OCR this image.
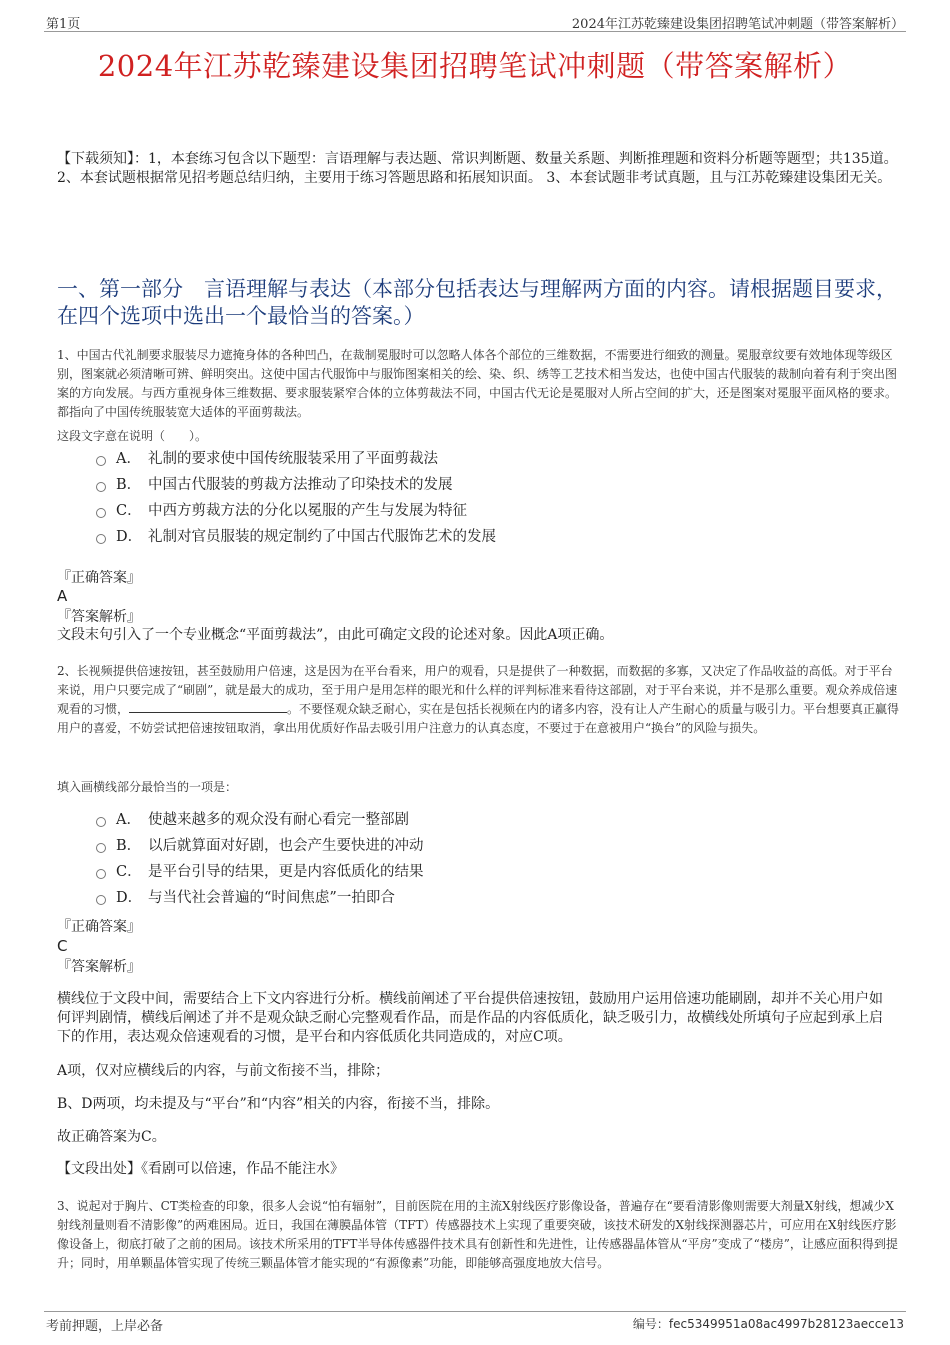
第1页	2024年江苏乾臻建设集团招聘笔试冲刺题（带答案解析）
2024年江苏乾臻建设集团招聘笔试冲刺题（带答案解析）
【下载须知】：1，本套练习包含以下题型：言语理解与表达题、常识判断题、数量关系题、判断推理题和资料分析题等题型；共135道。 2、本套试题根据常见招考题总结归纳，主要用于练习答题思路和拓展知识面。 3、本套试题非考试真题，且与江苏乾臻建设集团无关。
一、第一部分　言语理解与表达（本部分包括表达与理解两方面的内容。请根据题目要求，在四个选项中选出一个最恰当的答案。）
1、中国古代礼制要求服装尽力遮掩身体的各种凹凸，在裁制冕服时可以忽略人体各个部位的三维数据，不需要进行细致的测量。冕服章纹要有效地体现等级区别，图案就必须清晰可辨、鲜明突出。这使中国古代服饰中与服饰图案相关的绘、染、织、绣等工艺技术相当发达，也使中国古代服装的裁制向着有利于突出图案的方向发展。与西方重视身体三维数据、要求服装紧窄合体的立体剪裁法不同，中国古代无论是冕服对人所占空间的扩大，还是图案对冕服平面风格的要求。都指向了中国传统服装宽大适体的平面剪裁法。
这段文字意在说明（　　）。
A． 礼制的要求使中国传统服装采用了平面剪裁法
B． 中国古代服装的剪裁方法推动了印染技术的发展
C． 中西方剪裁方法的分化以冕服的产生与发展为特征
D． 礼制对官员服装的规定制约了中国古代服饰艺术的发展
『正确答案』
A
『答案解析』
文段末句引入了一个专业概念“平面剪裁法”，由此可确定文段的论述对象。因此A项正确。
2、长视频提供倍速按钮，甚至鼓励用户倍速，这是因为在平台看来，用户的观看，只是提供了一种数据，而数据的多寡，又决定了作品收益的高低。对于平台来说，用户只要完成了“刷剧”，就是最大的成功，至于用户是用怎样的眼光和什么样的评判标准来看待这部剧，对于平台来说，并不是那么重要。观众养成倍速观看的习惯，	。不要怪观众缺乏耐心，实在是包括长视频在内的诸多内容，没有让人产生耐心的质量与吸引力。平台想要真正赢得用户的喜爱，不妨尝试把倍速按钮取消，拿出用优质好作品去吸引用户注意力的认真态度，不要过于在意被用户“换台”的风险与损失。
填入画横线部分最恰当的一项是：
A． 使越来越多的观众没有耐心看完一整部剧
B． 以后就算面对好剧，也会产生要快进的冲动
C． 是平台引导的结果，更是内容低质化的结果
D． 与当代社会普遍的“时间焦虑”一拍即合
『正确答案』
C
『答案解析』
横线位于文段中间，需要结合上下文内容进行分析。横线前阐述了平台提供倍速按钮，鼓励用户运用倍速功能刷剧，却并不关心用户如何评判剧情，横线后阐述了并不是观众缺乏耐心完整观看作品，而是作品的内容低质化，缺乏吸引力，故横线处所填句子应起到承上启下的作用，表达观众倍速观看的习惯，是平台和内容低质化共同造成的，对应C项。
A项，仅对应横线后的内容，与前文衔接不当，排除；
B、D两项，均未提及与“平台”和“内容”相关的内容，衔接不当，排除。
故正确答案为C。
【文段出处】《看剧可以倍速，作品不能注水》
3、说起对于胸片、CT类检查的印象，很多人会说“怕有辐射”，目前医院在用的主流X射线医疗影像设备，普遍存在“要看清影像则需要大剂量X射线，想减少X射线剂量则看不清影像”的两难困局。近日，我国在薄膜晶体管（TFT）传感器技术上实现了重要突破，该技术研发的X射线探测器芯片，可应用在X射线医疗影像设备上，彻底打破了之前的困局。该技术所采用的TFT半导体传感器件技术具有创新性和先进性，让传感器晶体管从“平房”变成了“楼房”，让感应面积得到提升；同时，用单颗晶体管实现了传统三颗晶体管才能实现的“有源像素”功能，即能够高强度地放大信号。
考前押题，上岸必备	编号：fec5349951a08ac4997b28123aecce13
